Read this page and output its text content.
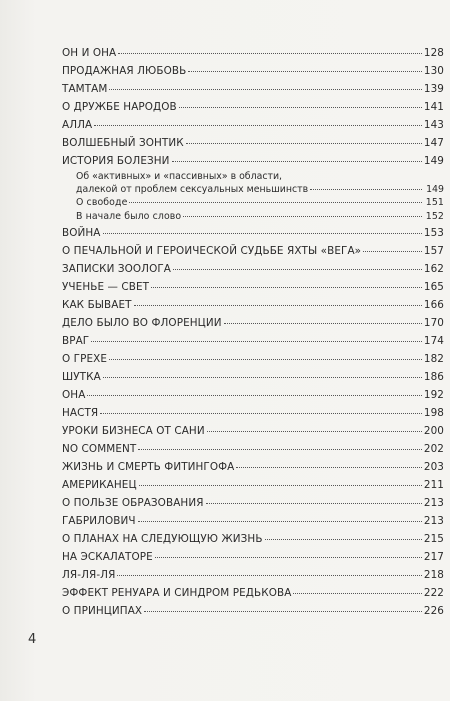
ОН И ОНА	128
ПРОДАЖНАЯ ЛЮБОВЬ	130
ТАМТАМ	139
О ДРУЖБЕ НАРОДОВ	141
АЛЛА	143
ВОЛШЕБНЫЙ ЗОНТИК	147
ИСТОРИЯ БОЛЕЗНИ	149
Об «активных» и «пассивных» в области,
далекой от проблем сексуальных меньшинств	149
О свободе	151
В начале было слово	152
ВОЙНА	153
О ПЕЧАЛЬНОЙ И ГЕРОИЧЕСКОЙ СУДЬБЕ ЯХТЫ «ВЕГА»	157
ЗАПИСКИ ЗООЛОГА	162
УЧЕНЬЕ — СВЕТ	165
КАК БЫВАЕТ	166
ДЕЛО БЫЛО ВО ФЛОРЕНЦИИ	170
ВРАГ	174
О ГРЕХЕ	182
ШУТКА	186
ОНА	192
НАСТЯ	198
УРОКИ БИЗНЕСА ОТ САНИ	200
NO COMMENT	202
ЖИЗНЬ И СМЕРТЬ ФИТИНГОФА	203
АМЕРИКАНЕЦ	211
О ПОЛЬЗЕ ОБРАЗОВАНИЯ	213
ГАБРИЛОВИЧ	213
О ПЛАНАХ НА СЛЕДУЮЩУЮ ЖИЗНЬ	215
НА ЭСКАЛАТОРЕ	217
ЛЯ-ЛЯ-ЛЯ	218
ЭФФЕКТ РЕНУАРА И СИНДРОМ РЕДЬКОВА	222
О ПРИНЦИПАХ	226
4
